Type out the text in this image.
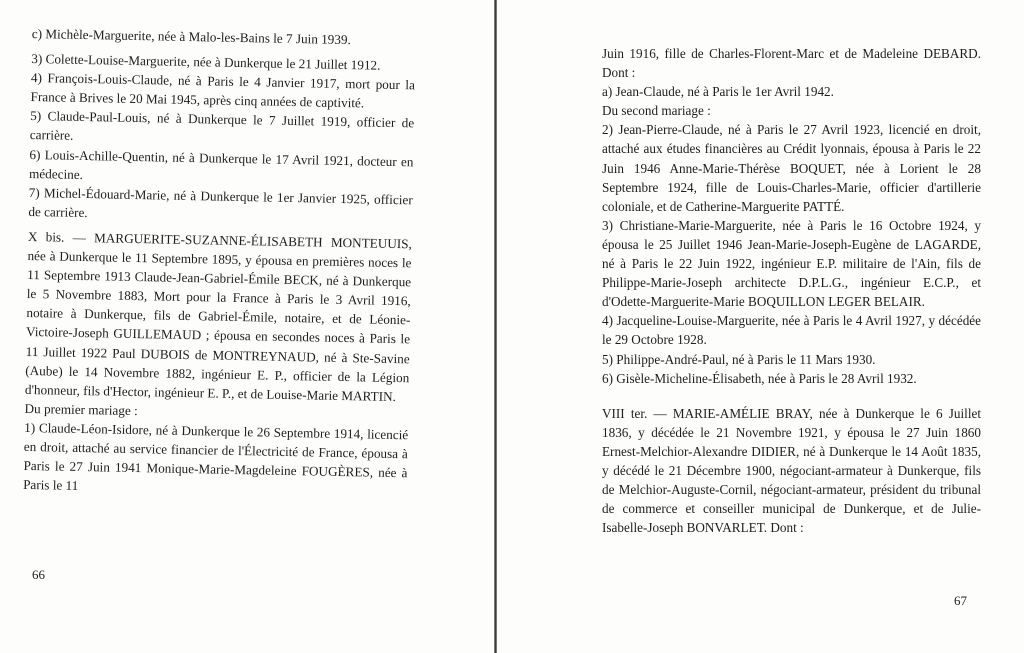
c) Michèle-Marguerite, née à Malo-les-Bains le 7 Juin 1939.

3) Colette-Louise-Marguerite, née à Dunkerque le 21 Juillet 1912.

4) François-Louis-Claude, né à Paris le 4 Janvier 1917, mort pour la France à Brives le 20 Mai 1945, après cinq années de captivité.

5) Claude-Paul-Louis, né à Dunkerque le 7 Juillet 1919, officier de carrière.

6) Louis-Achille-Quentin, né à Dunkerque le 17 Avril 1921, docteur en médecine.

7) Michel-Édouard-Marie, né à Dunkerque le 1er Janvier 1925, officier de carrière.

X bis. — MARGUERITE-SUZANNE-ÉLISABETH MONTEUUIS, née à Dunkerque le 11 Septembre 1895, y épousa en premières noces le 11 Septembre 1913 Claude-Jean-Gabriel-Émile BECK, né à Dunkerque le 5 Novembre 1883, Mort pour la France à Paris le 3 Avril 1916, notaire à Dunkerque, fils de Gabriel-Émile, notaire, et de Léonie-Victoire-Joseph GUILLEMAUD ; épousa en secondes noces à Paris le 11 Juillet 1922 Paul DUBOIS de MONTREYNAUD, né à Ste-Savine (Aube) le 14 Novembre 1882, ingénieur E. P., officier de la Légion d'honneur, fils d'Hector, ingénieur E. P., et de Louise-Marie MARTIN.

Du premier mariage :

1) Claude-Léon-Isidore, né à Dunkerque le 26 Septembre 1914, licencié en droit, attaché au service financier de l'Électricité de France, épousa à Paris le 27 Juin 1941 Monique-Marie-Magdeleine FOUGÈRES, née à Paris le 11

66

Juin 1916, fille de Charles-Florent-Marc et de Madeleine DEBARD. Dont :

a) Jean-Claude, né à Paris le 1er Avril 1942.

Du second mariage :

2) Jean-Pierre-Claude, né à Paris le 27 Avril 1923, licencié en droit, attaché aux études financières au Crédit lyonnais, épousa à Paris le 22 Juin 1946 Anne-Marie-Thérèse BOQUET, née à Lorient le 28 Septembre 1924, fille de Louis-Charles-Marie, officier d'artillerie coloniale, et de Catherine-Marguerite PATTÉ.

3) Christiane-Marie-Marguerite, née à Paris le 16 Octobre 1924, y épousa le 25 Juillet 1946 Jean-Marie-Joseph-Eugène de LAGARDE, né à Paris le 22 Juin 1922, ingénieur E.P. militaire de l'Ain, fils de Philippe-Marie-Joseph architecte D.P.L.G., ingénieur E.C.P., et d'Odette-Marguerite-Marie BOQUILLON LEGER BELAIR.

4) Jacqueline-Louise-Marguerite, née à Paris le 4 Avril 1927, y décédée le 29 Octobre 1928.

5) Philippe-André-Paul, né à Paris le 11 Mars 1930.

6) Gisèle-Micheline-Élisabeth, née à Paris le 28 Avril 1932.

VIII ter. — MARIE-AMÉLIE BRAY, née à Dunkerque le 6 Juillet 1836, y décédée le 21 Novembre 1921, y épousa le 27 Juin 1860 Ernest-Melchior-Alexandre DIDIER, né à Dunkerque le 14 Août 1835, y décédé le 21 Décembre 1900, négociant-armateur à Dunkerque, fils de Melchior-Auguste-Cornil, négociant-armateur, président du tribunal de commerce et conseiller municipal de Dunkerque, et de Julie-Isabelle-Joseph BONVARLET. Dont :

67
